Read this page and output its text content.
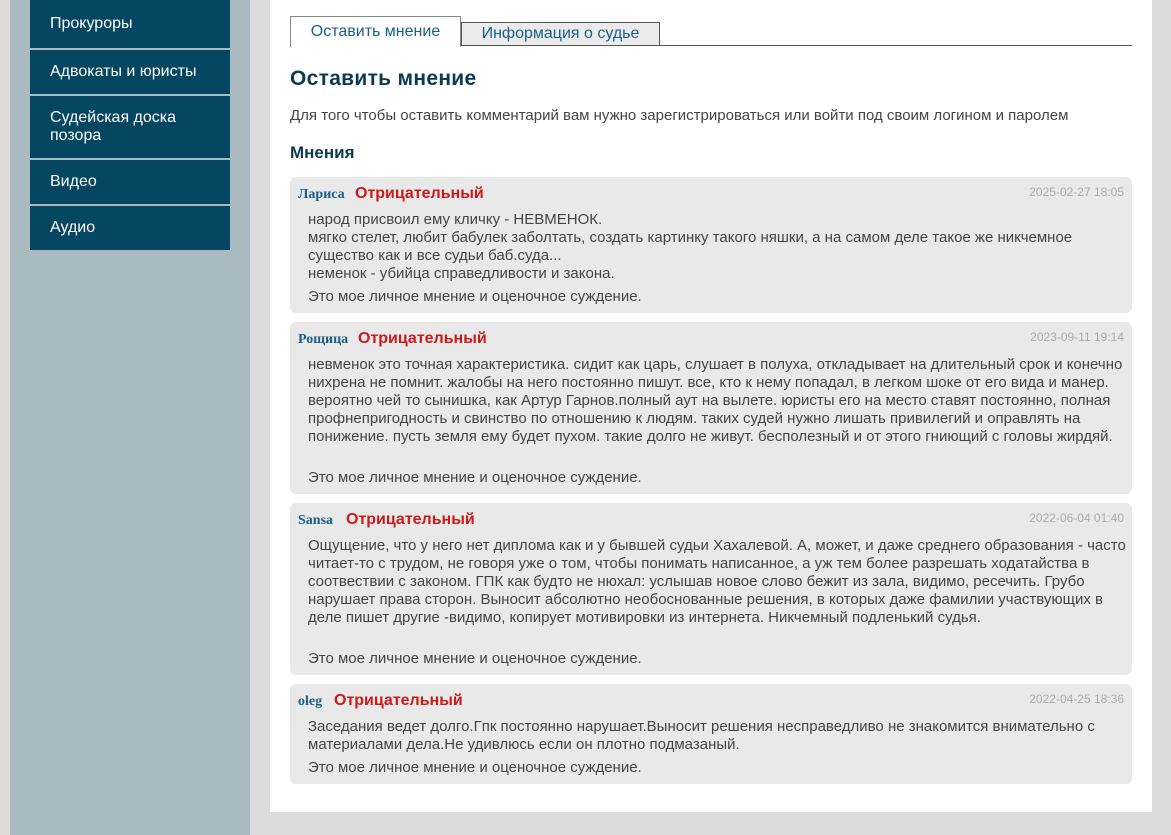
Прокуроры
Адвокаты и юристы
Судейская доска позора
Видео
Аудио
Оставить мнение	Информация о судье
Оставить мнение
Для того чтобы оставить комментарий вам нужно зарегистрироваться или войти под своим логином и паролем
Мнения
Лариса Отрицательный	2025-02-27 18:05
народ присвоил ему кличку - НЕВМЕНОК.
мягко стелет, любит бабулек заболтать, создать картинку такого няшки, а на самом деле такое же никчемное существо как и все судьи баб.суда...
неменок - убийца справедливости и закона.
Это мое личное мнение и оценочное суждение.
Рощица Отрицательный	2023-09-11 19:14
невменок это точная характеристика. сидит как царь, слушает в полуха, откладывает на длительный срок и конечно нихрена не помнит. жалобы на него постоянно пишут. все, кто к нему попадал, в легком шоке от его вида и манер. вероятно чей то сынишка, как Артур Гарнов.полный аут на вылете. юристы его на место ставят постоянно, полная профнепригодность и свинство по отношению к людям. таких судей нужно лишать привилегий и оправлять на понижение. пусть земля ему будет пухом. такие долго не живут. бесполезный и от этого гниющий с головы жирдяй.
Это мое личное мнение и оценочное суждение.
Sansa Отрицательный	2022-06-04 01:40
Ощущение, что у него нет диплома как и у бывшей судьи Хахалевой. А, может, и даже среднего образования - часто читает-то с трудом, не говоря уже о том, чтобы понимать написанное, а уж тем более разрешать ходатайства в соотвествии с законом. ГПК как будто не нюхал: услышав новое слово бежит из зала, видимо, ресечить. Грубо нарушает права сторон. Выносит абсолютно необоснованные решения, в которых даже фамилии участвующих в деле пишет другие -видимо, копирует мотивировки из интернета. Никчемный подленький судья.
Это мое личное мнение и оценочное суждение.
oleg Отрицательный	2022-04-25 18:36
Заседания ведет долго.Гпк постоянно нарушает.Выносит решения несправедливо не знакомится внимательно с материалами дела.Не удивлюсь если он плотно подмазаный.
Это мое личное мнение и оценочное суждение.
